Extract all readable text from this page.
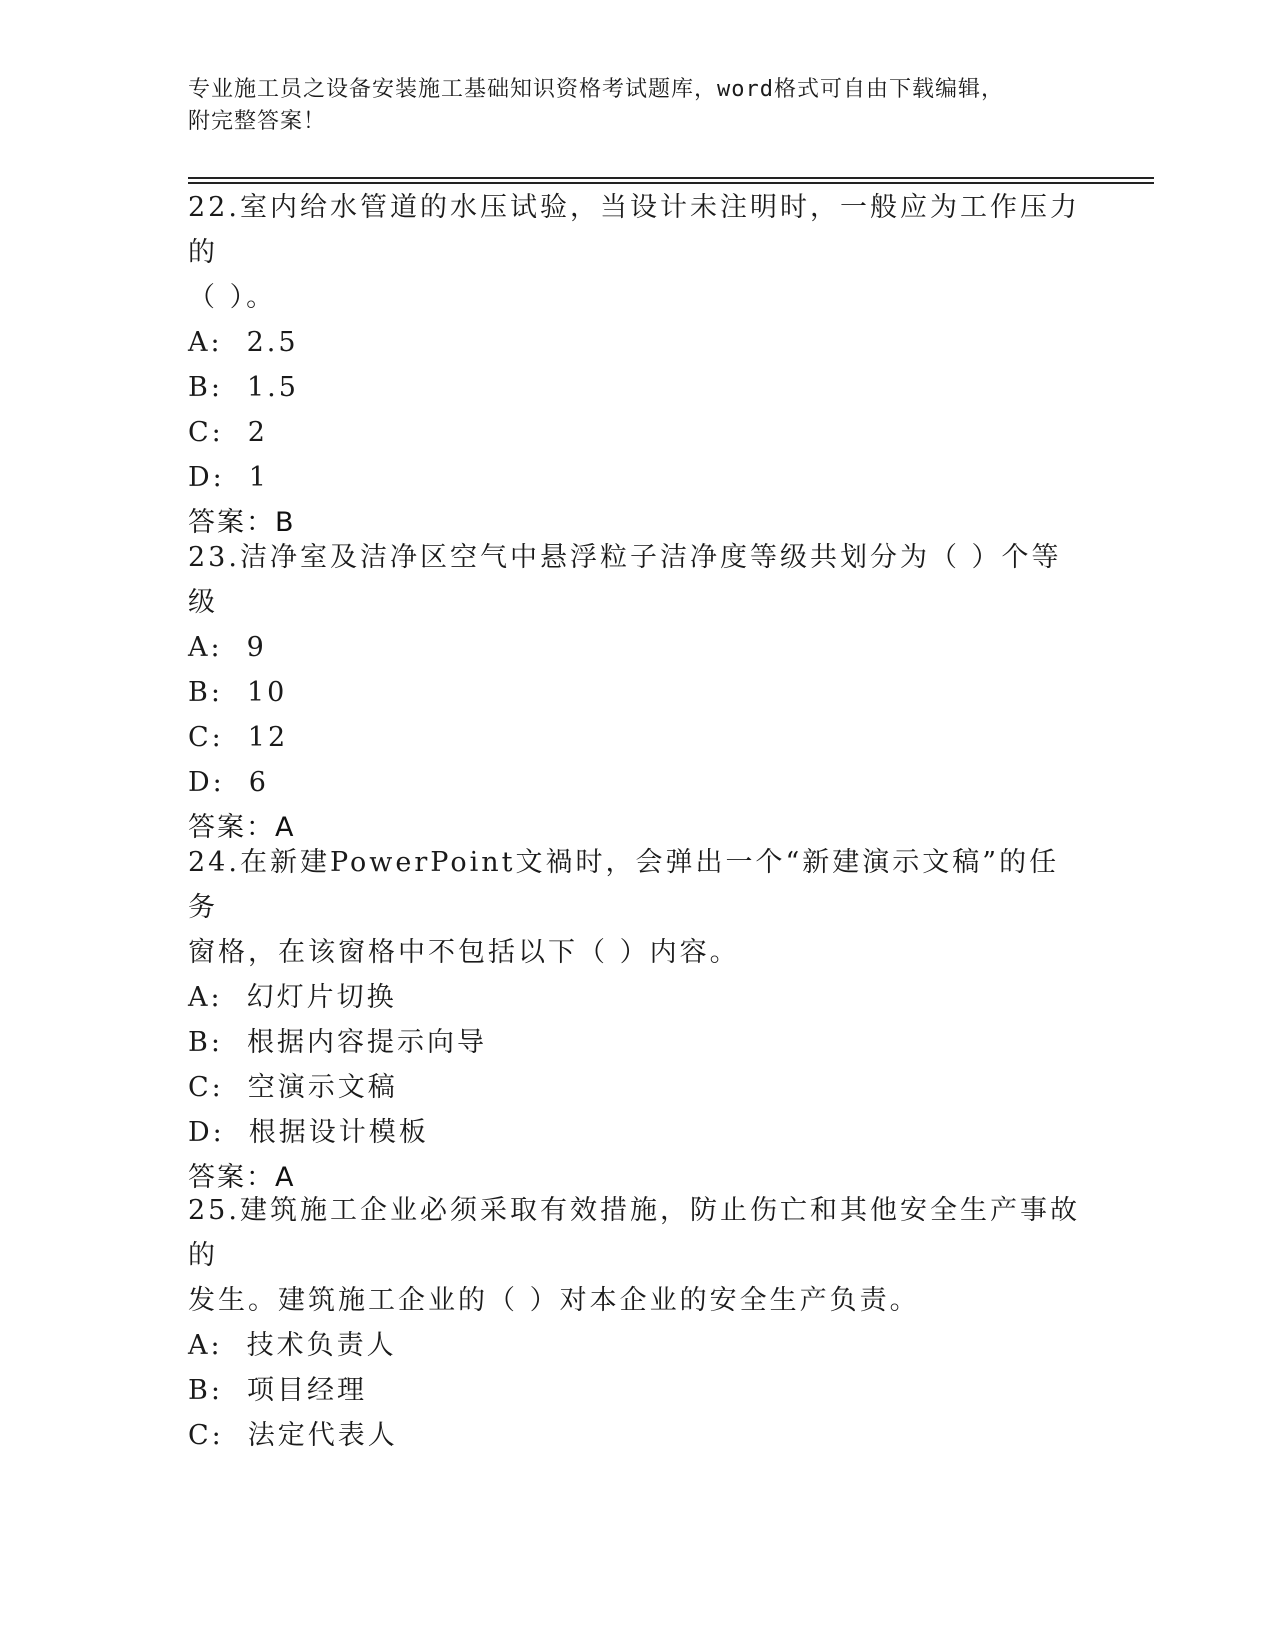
专业施工员之设备安装施工基础知识资格考试题库，word格式可自由下载编辑，
附完整答案！

22.室内给水管道的水压试验，当设计未注明时，一般应为工作压力的

（ ）。

A: 2.5

B: 1.5

C: 2

D: 1

答案：B

23.洁净室及洁净区空气中悬浮粒子洁净度等级共划分为（ ）个等级

A: 9

B: 10

C: 12

D: 6

答案：A

24.在新建PowerPoint文禍时，会弹出一个“新建演示文稿”的任务

窗格，在该窗格中不包括以下（ ）内容。

A: 幻灯片切换

B: 根据内容提示向导

C: 空演示文稿

D: 根据设计模板

答案：A

25.建筑施工企业必须采取有效措施，防止伤亡和其他安全生产事故的

发生。建筑施工企业的（ ）对本企业的安全生产负责。

A: 技术负责人

B: 项目经理

C: 法定代表人
